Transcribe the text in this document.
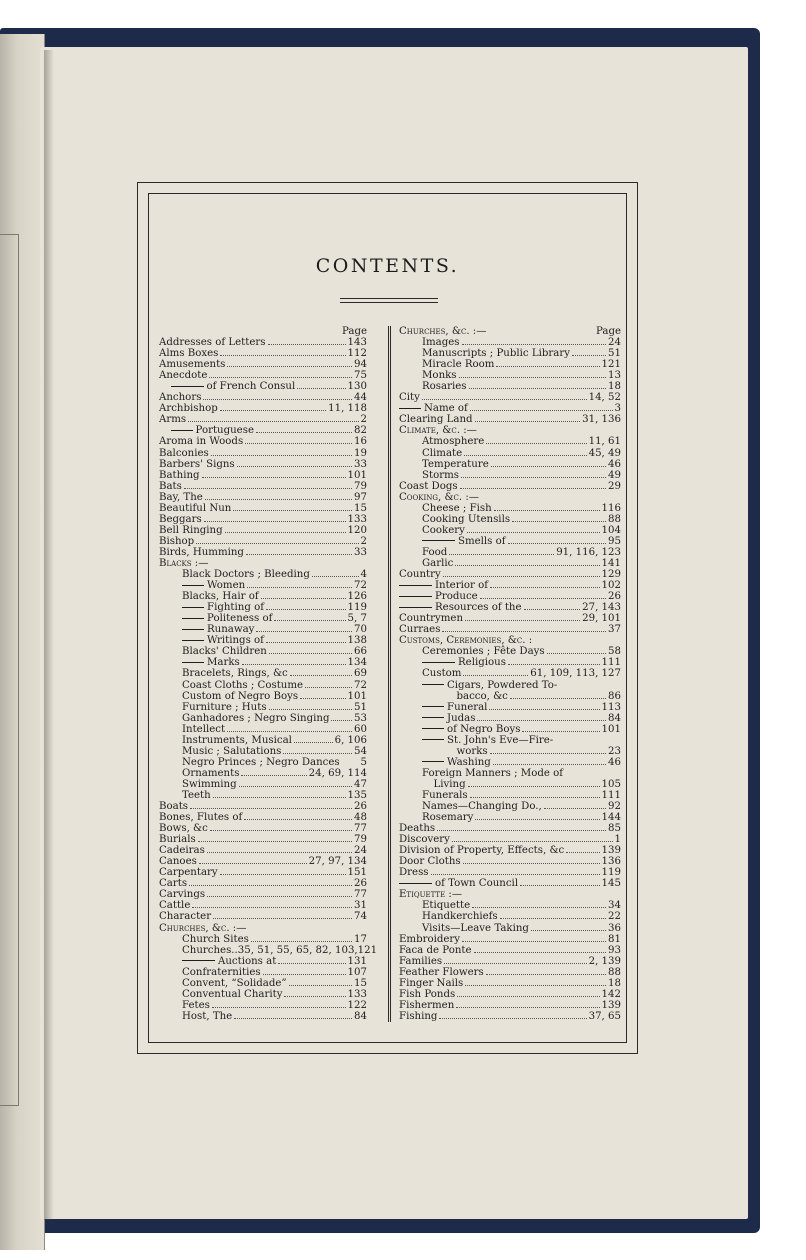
CONTENTS.
Page
Addresses of Letters	143
Alms Boxes	112
Amusements	94
Anecdote	75
of French Consul	130
Anchors	44
Archbishop	11, 118
Arms	2
Portuguese	82
Aroma in Woods	16
Balconies	19
Barbers' Signs	33
Bathing	101
Bats	79
Bay, The	97
Beautiful Nun	15
Beggars	133
Bell Ringing	120
Bishop	2
Birds, Humming	33
Blacks :—
Black Doctors ; Bleeding	4
Women	72
Blacks, Hair of	126
Fighting of	119
Politeness of	5, 7
Runaway	70
Writings of	138
Blacks' Children	66
Marks	134
Bracelets, Rings, &c	69
Coast Cloths ; Costume	72
Custom of Negro Boys	101
Furniture ; Huts	51
Ganhadores ; Negro Singing 53
Intellect	60
Instruments, Musical	6, 106
Music ; Salutations	54
Negro Princes ; Negro Dances 5
Ornaments	24, 69, 114
Swimming	47
Teeth	135
Boats	26
Bones, Flutes of	48
Bows, &c	77
Burials	79
Cadeiras	24
Canoes	27, 97, 134
Carpentary	151
Carts	26
Carvings	77
Cattle	31
Character	74
Churches, &c. :—
Church Sites	17
Churches..35, 51, 55, 65, 82, 103, 121
Auctions at	131
Confraternities	107
Convent, “Solidade”	15
Conventual Charity	133
Fetes	122
Host, The	84
Churches, &c. :—	Page
Images	24
Manuscripts ; Public Library	51
Miracle Room	121
Monks	13
Rosaries	18
City	14, 52
Name of	3
Clearing Land	31, 136
Climate, &c. :—
Atmosphere	11, 61
Climate	45, 49
Temperature	46
Storms	49
Coast Dogs	29
Cooking, &c. :—
Cheese ; Fish	116
Cooking Utensils	88
Cookery	104
Smells of	95
Food	91, 116, 123
Garlic	141
Country	129
Interior of	102
Produce	26
Resources of the	27, 143
Countrymen	29, 101
Curraes	37
Customs, Ceremonies, &c. :
Ceremonies ; Fête Days	58
Religious	111
Custom	61, 109, 113, 127
Cigars, Powdered To-
bacco, &c	86
Funeral	113
Judas	84
of Negro Boys	101
St. John's Eve—Fire-
works	23
Washing	46
Foreign Manners ; Mode of
Living	105
Funerals	111
Names—Changing Do.,	92
Rosemary	144
Deaths	85
Discovery	1
Division of Property, Effects, &c	139
Door Cloths	136
Dress	119
of Town Council	145
Etiquette :—
Etiquette	34
Handkerchiefs	22
Visits—Leave Taking	36
Embroidery	81
Faca de Ponte	93
Families	2, 139
Feather Flowers	88
Finger Nails	18
Fish Ponds	142
Fishermen	139
Fishing	37, 65
